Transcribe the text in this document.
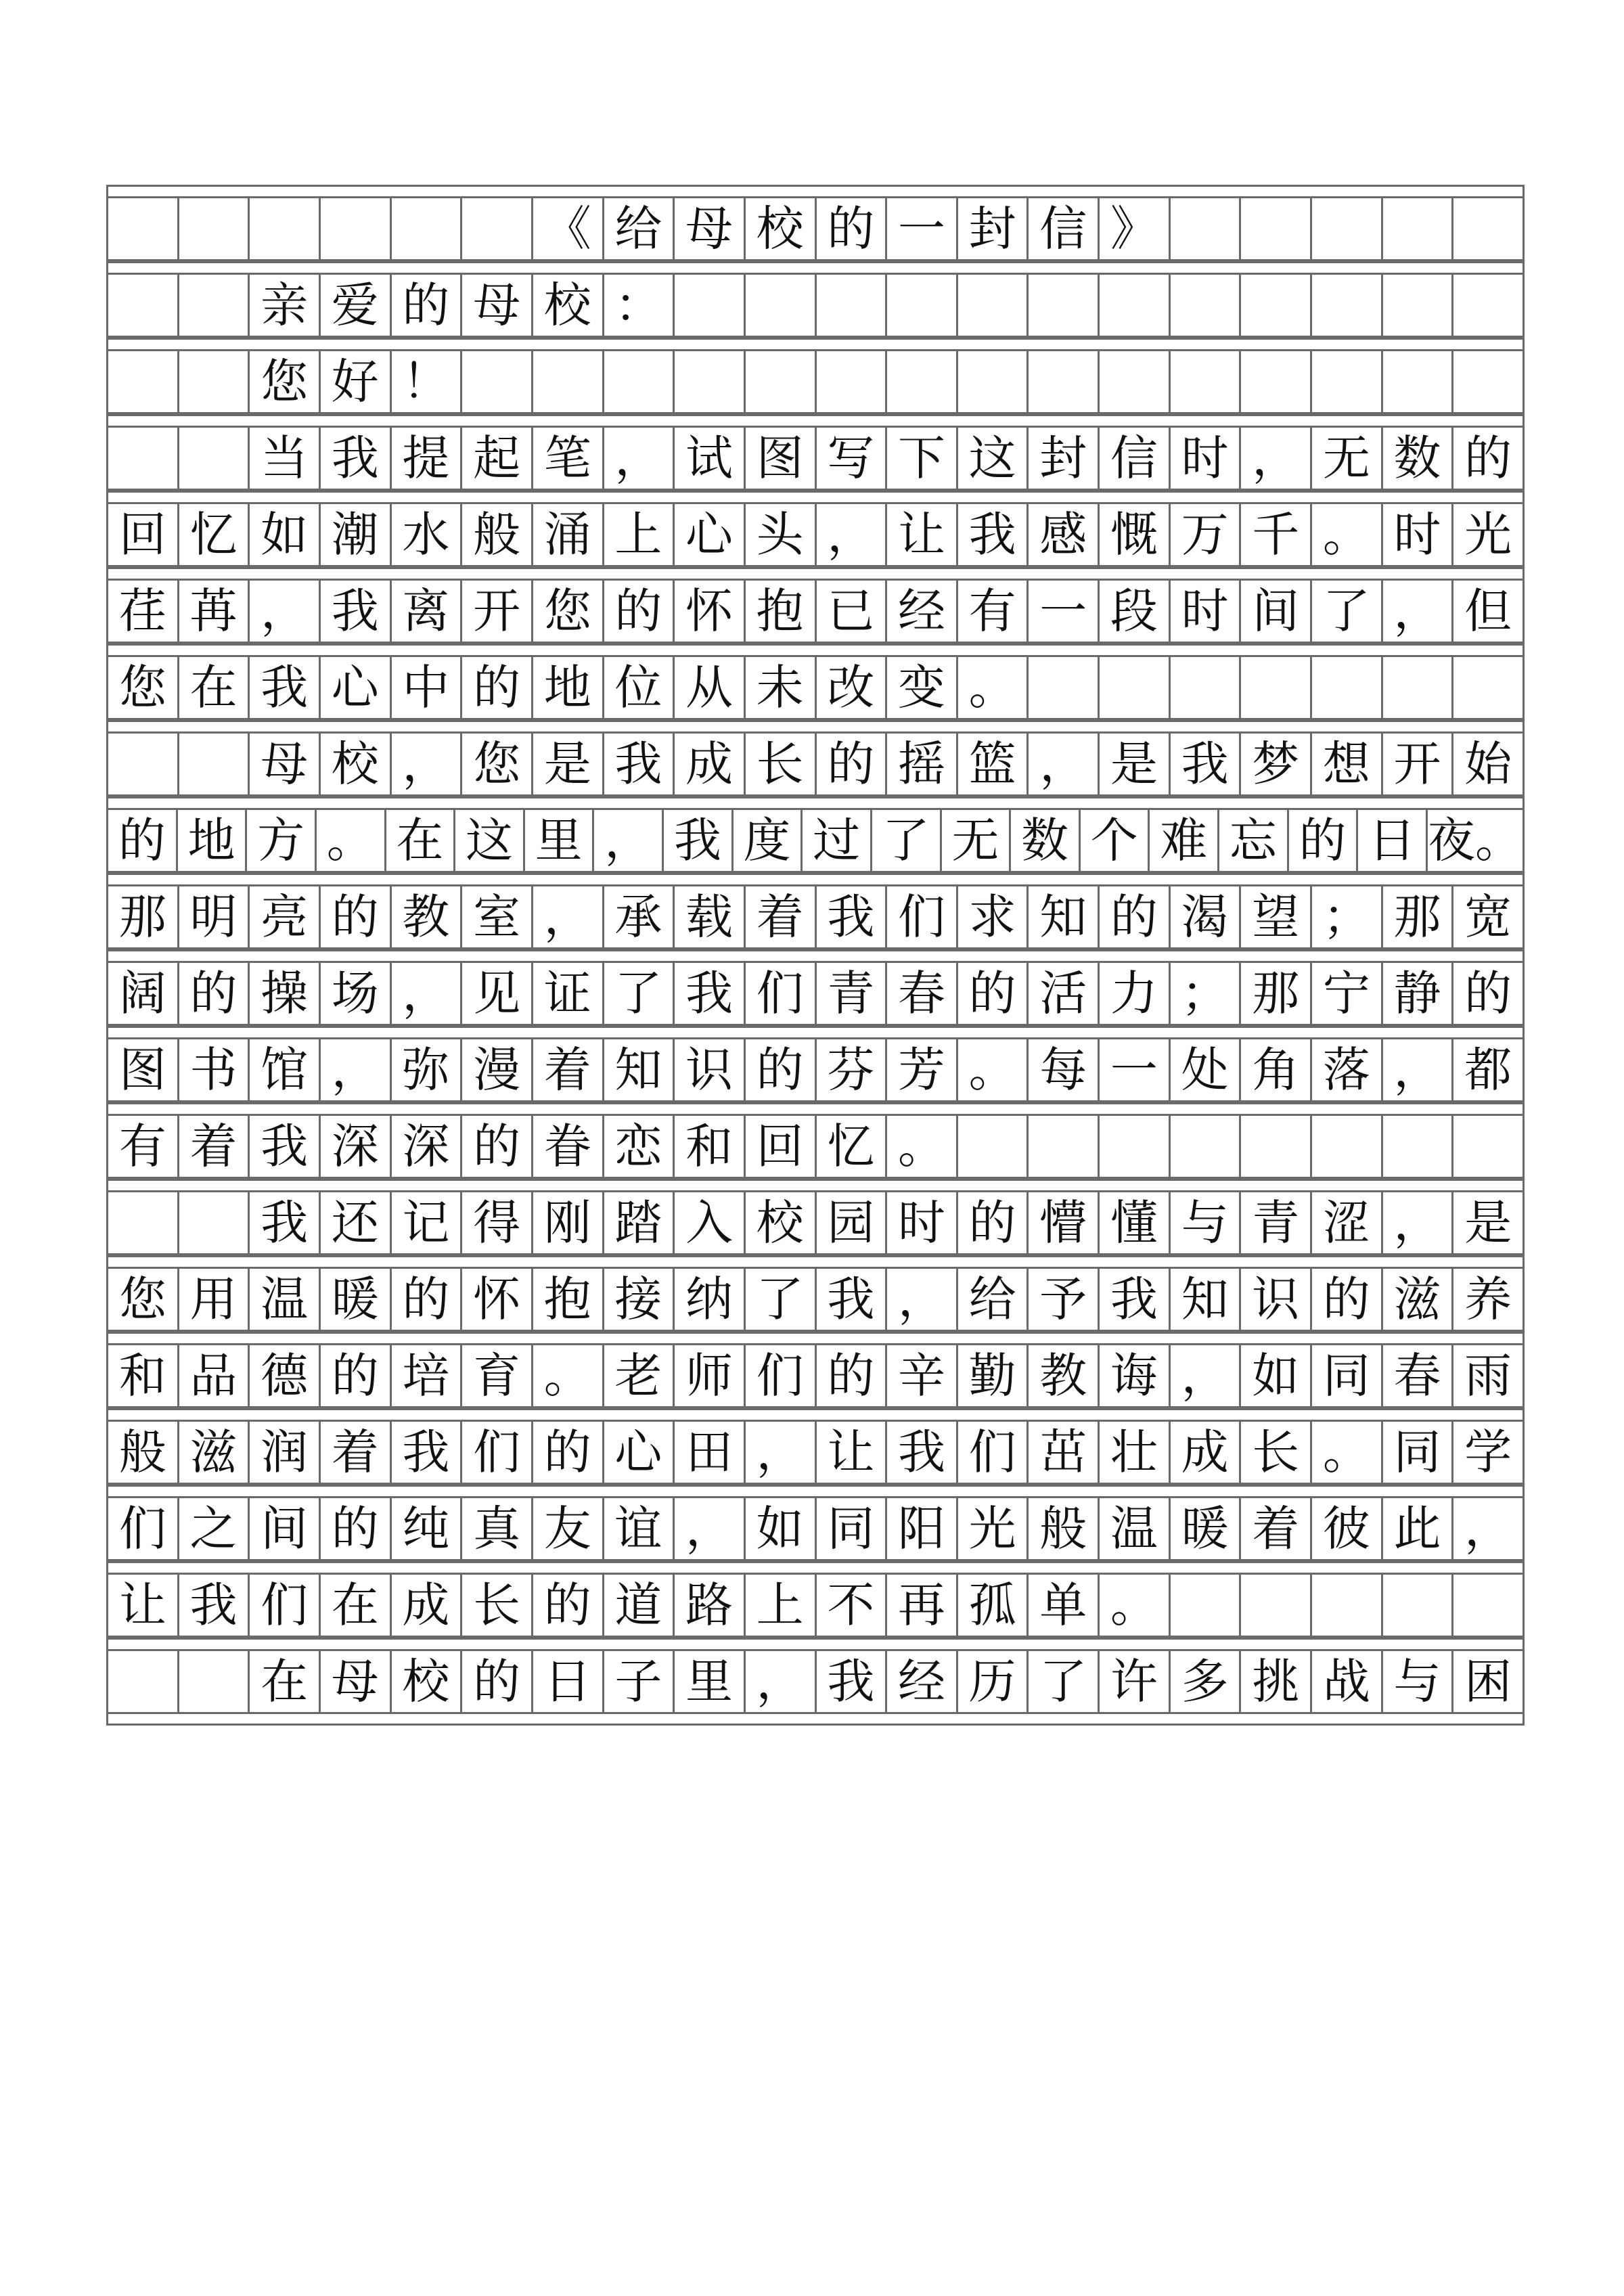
《 给 母 校 的 一 封 信 》
亲 爱 的 母 校 ：
您 好 ！
当 我 提 起 笔 ， 试 图 写 下 这 封 信 时 ， 无 数 的
回 忆 如 潮 水 般 涌 上 心 头 ， 让 我 感 慨 万 千 。 时 光
荏 苒 ， 我 离 开 您 的 怀 抱 已 经 有 一 段 时 间 了 ， 但
您 在 我 心 中 的 地 位 从 未 改 变 。
母 校 ， 您 是 我 成 长 的 摇 篮 ， 是 我 梦 想 开 始
的 地 方 。 在 这 里 ， 我 度 过 了 无 数 个 难 忘 的 日 夜。
那 明 亮 的 教 室 ， 承 载 着 我 们 求 知 的 渴 望 ； 那 宽
阔 的 操 场 ， 见 证 了 我 们 青 春 的 活 力 ； 那 宁 静 的
图 书 馆 ， 弥 漫 着 知 识 的 芬 芳 。 每 一 处 角 落 ， 都
有 着 我 深 深 的 眷 恋 和 回 忆 。
我 还 记 得 刚 踏 入 校 园 时 的 懵 懂 与 青 涩 ， 是
您 用 温 暖 的 怀 抱 接 纳 了 我 ， 给 予 我 知 识 的 滋 养
和 品 德 的 培 育 。 老 师 们 的 辛 勤 教 诲 ， 如 同 春 雨
般 滋 润 着 我 们 的 心 田 ， 让 我 们 茁 壮 成 长 。 同 学
们 之 间 的 纯 真 友 谊 ， 如 同 阳 光 般 温 暖 着 彼 此 ，
让 我 们 在 成 长 的 道 路 上 不 再 孤 单 。
在 母 校 的 日 子 里 ， 我 经 历 了 许 多 挑 战 与 困
